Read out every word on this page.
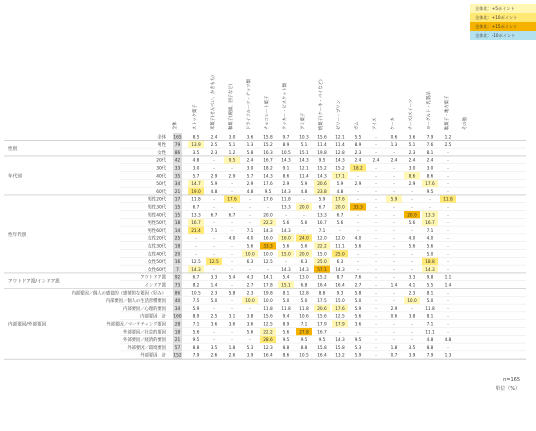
全体比：+5ポイント
全体比：+10ポイント
全体比：+15ポイント
全体比：-10ポイント
全体	ストック菓子	米菓子(せんべい、かきもち)	和菓子(饅頭、団子など)	ドライフルーツ・ナッツ類	チョコレート菓子	クッキー・ビスケット類	グミ菓子	焼菓子(ケーキ・パイなど)	ゼリー・プリン	ガム	アイス	ケーキ	チーズ/スイーツ	ヨーグルト・乳製品	駄菓子・地方菓子	その他
全体 165	8.5	2.4	3.0	3.6 15.8 9.7 10.3 15.6 12.1 5.5	-	0.6	3.6	7.9	1.2
男性 79	13.9 2.5	5.1	1.3 15.2 8.9	5.1 11.4 11.4 8.9	-	1.3	5.1	7.6	2.5
女性 86	3.5	2.3	1.2	5.8 16.3 10.5 15.1 19.8 12.8 2.3	-	-	2.3	8.1	-
20代 42	4.8	-	9.5	2.4 16.7 14.3 14.3 9.5 14.3 2.4	2.4	2.4	2.4	2.4	-
30代 33	3.0	-	-	3.0 18.2 9.1 12.1 15.2 15.2 18.2	-	-	3.0	3.0	-
40代 35	5.7	2.9	2.9	5.7 14.3 8.6 11.4 14.3 17.1	-	-	-	8.6	8.6	-
50代 34	14.7 5.9	-	2.9 17.6 2.9	5.9 20.6 5.9	2.9	-	-	2.9 17.6	-
60代 21	19.0 4.8	-	4.8	9.5 14.3 4.8 23.8 4.8	-	-	-	-	9.5	-
男性20代 17	11.8	-	17.6	-	17.6 11.8	-	5.9 17.6	-	-	5.9	-	-	11.8
男性30代 15	6.7	-	-	-	-	13.3 20.0 6.7 20.0 33.3	-	-	-	-	-
男性40代 15	13.3 6.7	6.7	-	20.0	-	-	13.3 6.7	-	-	-	20.0 13.3	-
男性50代 18	16.7	-	-	-	22.2 5.6	5.6 16.7 5.6	-	-	-	5.6 16.7	-
男性60代 14	21.4 7.1	-	7.1 14.3 14.3	-	7.1	-	-	-	-	-	7.1	-
女性20代 25	-	-	4.0	4.0 16.0 16.0 24.0 12.0 12.0 4.0	-	-	4.0	4.0	-
女性30代 18	-	-	-	5.6 33.3 5.6	5.6 22.2 11.1 5.6	-	-	5.6	5.6	-
女性40代 20	-	-	-	10.0 10.0 15.0 20.0 15.0 25.0	-	-	-	-	5.0	-
女性50代 16	12.5 12.5	-	6.3 12.5	-	6.3 25.0 6.3	-	-	-	-	18.8	-
女性60代 7	14.3	-	-	-	-	14.3 14.3 57.1 14.3	-	-	-	-	14.3	-
アウトドア派 92	6.7	3.3	5.4	4.3 14.1 5.4 13.0 15.2 8.7	7.6	-	-	3.3	9.8	1.1
インドア派 73	8.2	1.4	-	2.7 17.8 15.1 6.8 16.4 16.4 2.7	-	1.4	4.1	5.5	1.4
内部要因／個人の感覚的（感情的な要因（好み） 86	10.5 2.3	5.8	2.3 19.8 8.1 12.8 8.8	9.3	5.8	-	-	2.3	8.1	-
内部要因／個人の生活習慣要因 40	7.5	5.0	-	10.0 10.0 5.0	5.0 17.5 15.0 5.0	-	-	10.0 5.0	-
内部要因／心理的要因 34	5.9	-	-	-	11.8 11.8 11.8 20.6 17.6 5.9	-	2.9	-	11.8	-
内部要因　計 160	8.9	2.5	3.1	3.8 15.6 9.4 10.6 15.6 12.5 5.6	-	0.6	3.8	8.1	-
外部要因／マーケティング要因 28	7.1	3.6	3.6	3.6 12.5 8.9	7.1 17.9 17.9 3.6	-	-	-	7.1	-
外部要因／社会的要因 18	5.6	-	-	5.6 22.2 5.6 27.8 16.7	-	-	-	-	-	11.1	-
外部要因／経済的要因 21	9.5	-	-	-	28.6 9.5	9.5	9.5 14.3 9.5	-	-	-	4.8	4.8
外部要因／環境要因 57	8.8	3.5	1.8	5.3 12.3 8.8	8.8 15.8 15.8 5.3	-	1.8	3.5	8.8	-
外部要因　計 152	7.9	2.6	2.6	3.9 16.4 8.6 10.5 16.4 13.2 5.9	-	0.7	3.9	7.9	1.3
性別
年代別
性年代別
アウトドア派/インドア派
内部要因/外部要因
n=165
単位（%）
